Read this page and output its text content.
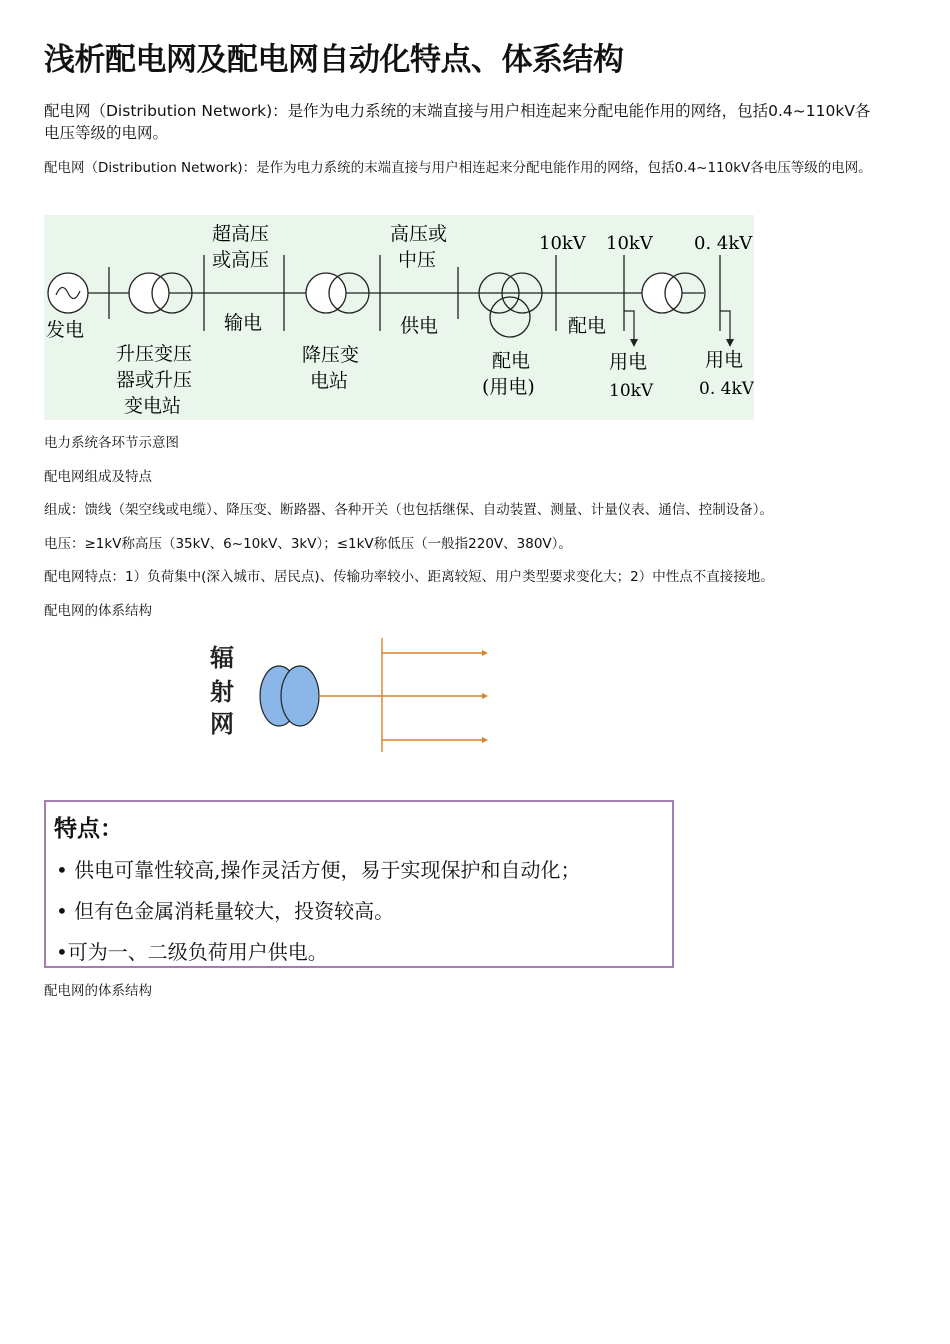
浅析配电网及配电网自动化特点、体系结构
配电网（Distribution Network)：是作为电力系统的末端直接与用户相连起来分配电能作用的网络，包括0.4~110kV各电压等级的电网。
配电网（Distribution Network)：是作为电力系统的末端直接与用户相连起来分配电能作用的网络，包括0.4~110kV各电压等级的电网。
发电
升压变压
器或升压
变电站
超高压
或高压
输电
降压变
电站
高压或
中压
供电
配电
(用电)
10kV 10kV 0. 4kV
配电
用电
10kV
用电
0. 4kV
电力系统各环节示意图
配电网组成及特点
组成：馈线（架空线或电缆）、降压变、断路器、各种开关（也包括继保、自动装置、测量、计量仪表、通信、控制设备）。
电压：≥1kV称高压（35kV、6~10kV、3kV）；≤1kV称低压（一般指220V、380V）。
配电网特点：1）负荷集中(深入城市、居民点)、传输功率较小、距离较短、用户类型要求变化大；2）中性点不直接接地。
配电网的体系结构
辐
射
网
特点：
• 供电可靠性较高,操作灵活方便，易于实现保护和自动化；
• 但有色金属消耗量较大，投资较高。
•可为一、二级负荷用户供电。
配电网的体系结构
